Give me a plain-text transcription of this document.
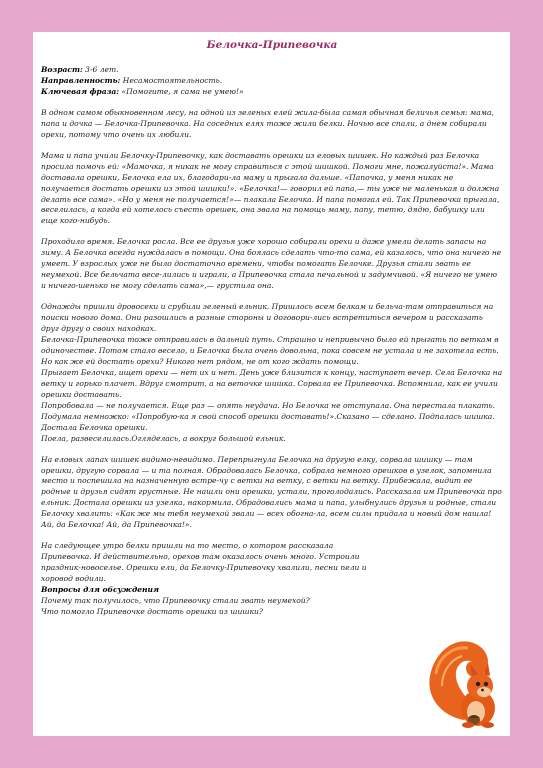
Белочка-Припевочка

Возраст: 3-6 лет.

Направленность: Несамостоятельность.

Ключевая фраза: «Помогите, я сама не умею!»

В одном самом обыкновенном лесу, на одной из зеленых елей жила-была самая обычная беличья семья: мама, папа и дочка — Белочка-Припевочка. На соседних елях тоже жили белки. Ночью все спали, а днем собирали орехи, потому что очень их любили.

Мама и папа учили Белочку-Припевочку, как доставать орешки из еловых шишек. Но каждый раз Белочка просила помочь ей: «Мамочка, я никак не могу справиться с этой шишкой. Помоги мне, пожалуйста!». Мама доставала орешки, Белочка ела их, благодари-ла маму и прыгала дальше. «Папочка, у меня никак не получается достать орешки из этой шишки!». «Белочка!— говорил ей папа,— ты уже не маленькая и должна делать все сама». «Но у меня не получается!»— плакала Белочка. И папа помогал ей. Так Припевочка прыгала, веселилась, а когда ей хотелось съесть орешек, она звала на помощь маму, папу, тетю, дядю, бабушку или еще кого-нибудь.

Проходило время. Белочка росла. Все ее друзья уже хорошо собирали орехи и даже умели делать запасы на зиму. А Белочка всегда нуждалась в помощи. Она боялась сделать что-то сама, ей казалось, что она ничего не умеет. У взрослых уже не было достаточно времени, чтобы помогать Белочке. Друзья стали звать ее неумехой. Все бельчата весе-лились и играли, а Припевочка стала печальной и задумчивой. «Я ничего не умею и ничего-шенько не могу сделать сама»,— грустила она.

Однажды пришли дровосеки и срубили зеленый ельник. Пришлось всем белкам и бельча-там отправиться на поиски нового дома. Они разошлись в разные стороны и договори-лись встретиться вечером и рассказать друг другу о своих находках.

Белочка-Припевочка тоже отправилась в дальний путь. Страшно и непривычно было ей прыгать по веткам в одиночестве. Потом стало весело, и Белочка была очень довольна, пока совсем не устала и не захотела есть. Но как же ей достать орехи? Никого нет рядом, не от кого ждать помощи.

Прыгает Белочка, ищет орехи — нет их и нет. День уже близится к концу, наступает вечер. Села Белочка на ветку и горько плачет. Вдруг смотрит, а на веточке шишка. Сорвала ее Припевочка. Вспомнила, как ее учили орешки доставать.

Попробовала — не получается. Еще раз — опять неудача. Но Белочка не отступала. Она перестала плакать. Подумала немножко: «Попробую-ка я свой способ орешки доставать!».Сказано — сделано. Подпалась шишка. Достала Белочка орешки.

Поела, развеселилась.Огляделась, а вокруг большой ельник.

На еловых лапах шишек видимо-невидимо. Перепрыгнула Белочка на другую елку, сорвала шишку — там орешки, другую сорвала — и та полная. Обрадовалась Белочка, собрала немного орешков в узелок, запомнила место и поспешила на назначенную встре-чу с ветки на ветку, с ветки на ветку. Прибежала, видит ее родные и друзья сидят грустные. Не нашли они орешки, устали, проголодались. Рассказала им Припевочка про ельник. Достала орешки из узелка, накормила. Обрадовались мама и папа, улыбнулись друзья и родные, стали Белочку хвалить: «Как же мы тебя неумехой звали — всех обогна-ла, всем силы придала и новый дом нашла! Ай, да Белочка! Ай, да Припевочка!».

На следующее утро белки пришли на то место, о котором рассказала Припевочка. И действительно, орехов там оказалось очень много. Устроили праздник-новоселье. Орешки ели, да Белочку-Припевочку хвалили, песни пели и хоровод водили.

Вопросы для обсуждения

Почему так получилось, что Припевочку стали звать неумехой?

Что помогло Припевочке достать орешки из шишки?
